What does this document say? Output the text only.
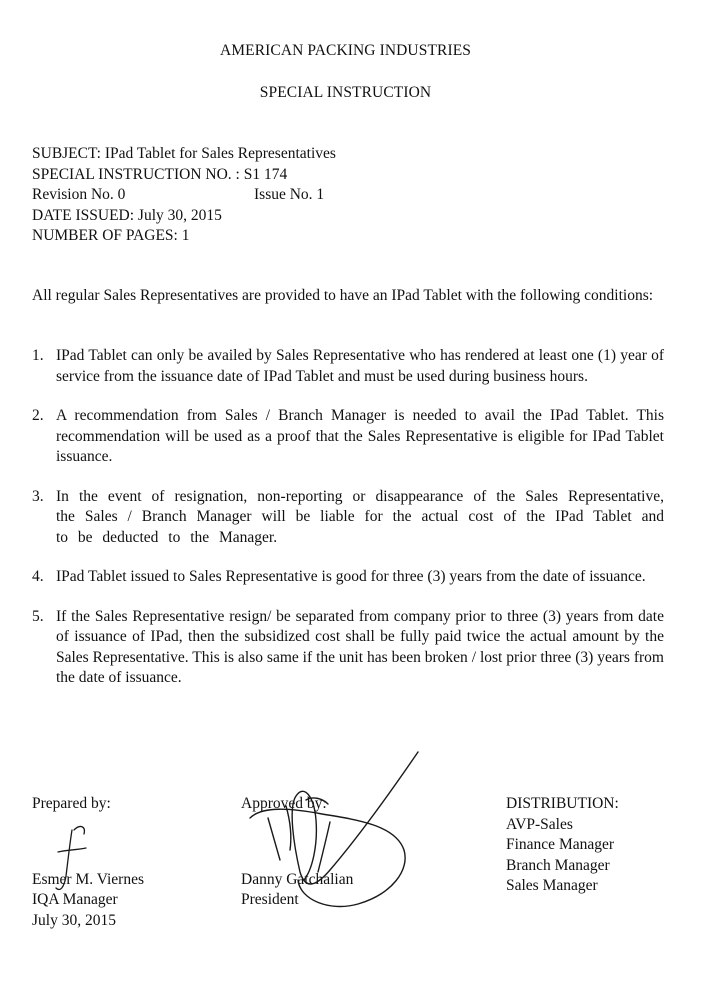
AMERICAN PACKING INDUSTRIES
SPECIAL INSTRUCTION
SUBJECT: IPad Tablet for Sales Representatives
SPECIAL INSTRUCTION NO. : S1 174
Revision No. 0	Issue No. 1
DATE ISSUED: July 30, 2015
NUMBER OF PAGES: 1
All regular Sales Representatives are provided to have an IPad Tablet with the following conditions:
1. IPad Tablet can only be availed by Sales Representative who has rendered at least one (1) year of service from the issuance date of IPad Tablet and must be used during business hours.
2. A recommendation from Sales / Branch Manager is needed to avail the IPad Tablet. This recommendation will be used as a proof that the Sales Representative is eligible for IPad Tablet issuance.
3. In the event of resignation, non-reporting or disappearance of the Sales Representative, the Sales / Branch Manager will be liable for the actual cost of the IPad Tablet and to be deducted to the Manager.
4. IPad Tablet issued to Sales Representative is good for three (3) years from the date of issuance.
5. If the Sales Representative resign/ be separated from company prior to three (3) years from date of issuance of IPad, then the subsidized cost shall be fully paid twice the actual amount by the Sales Representative. This is also same if the unit has been broken / lost prior three (3) years from the date of issuance.
Prepared by:
Esmer M. Viernes
IQA Manager
July 30, 2015
Approved by:
Danny Gatchalian
President
DISTRIBUTION:
AVP-Sales
Finance Manager
Branch Manager
Sales Manager
